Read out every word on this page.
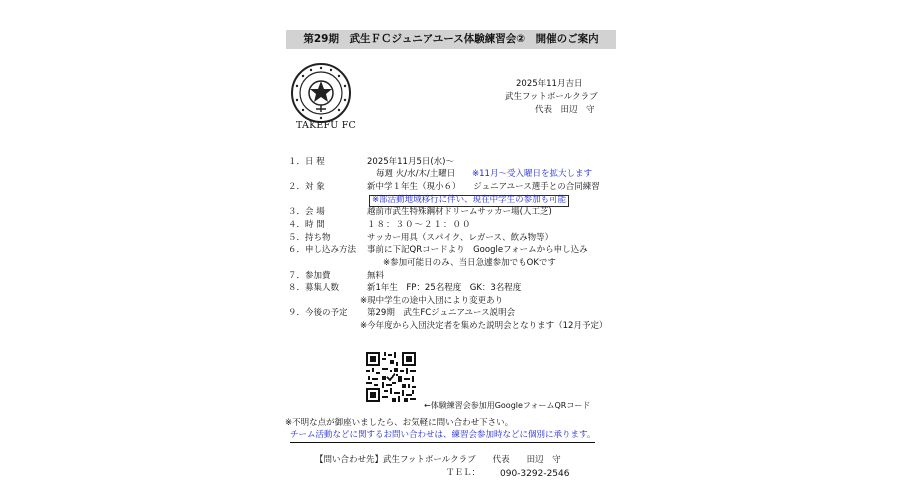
第29期　武生ＦＣジュニアユース体験練習会②　開催のご案内
TAKEFU FC
2025年11月吉日
武生フットボールクラブ
代表　田辺　守
１． 日 程	2025年11月5日(水)～
毎週 火/水/木/土曜日 ※11月～受入曜日を拡大します
２． 対 象	新中学１年生（現小６）　　ジュニアユース選手との合同練習
※部活動地域移行に伴い、現在中学生の参加も可能
３． 会 場	越前市武生特殊鋼材ドリームサッカー場(人工芝)
４． 時 間	１８：３０～２１：００
５． 持ち物	サッカー用具（スパイク、レガース、飲み物等）
６． 申し込み方法 事前に下記QRコードより　Googleフォームから申し込み
※参加可能日のみ、当日急遽参加でもOKです
７． 参加費	無料
８． 募集人数	新1年生　FP：25名程度　GK：3名程度
※現中学生の途中入団により変更あり
９． 今後の予定 第29期　武生FCジュニアユース説明会
※今年度から入団決定者を集めた説明会となります（12月予定）
←体験練習会参加用GoogleフォームQRコード
※不明な点が御座いましたら、お気軽に問い合わせ下さい。
チーム活動などに関するお問い合わせは、練習会参加時などに個別に承ります。
【問い合わせ先】武生フットボールクラブ　　代表　　田辺　守
ＴＥＬ： 090-3292-2546
